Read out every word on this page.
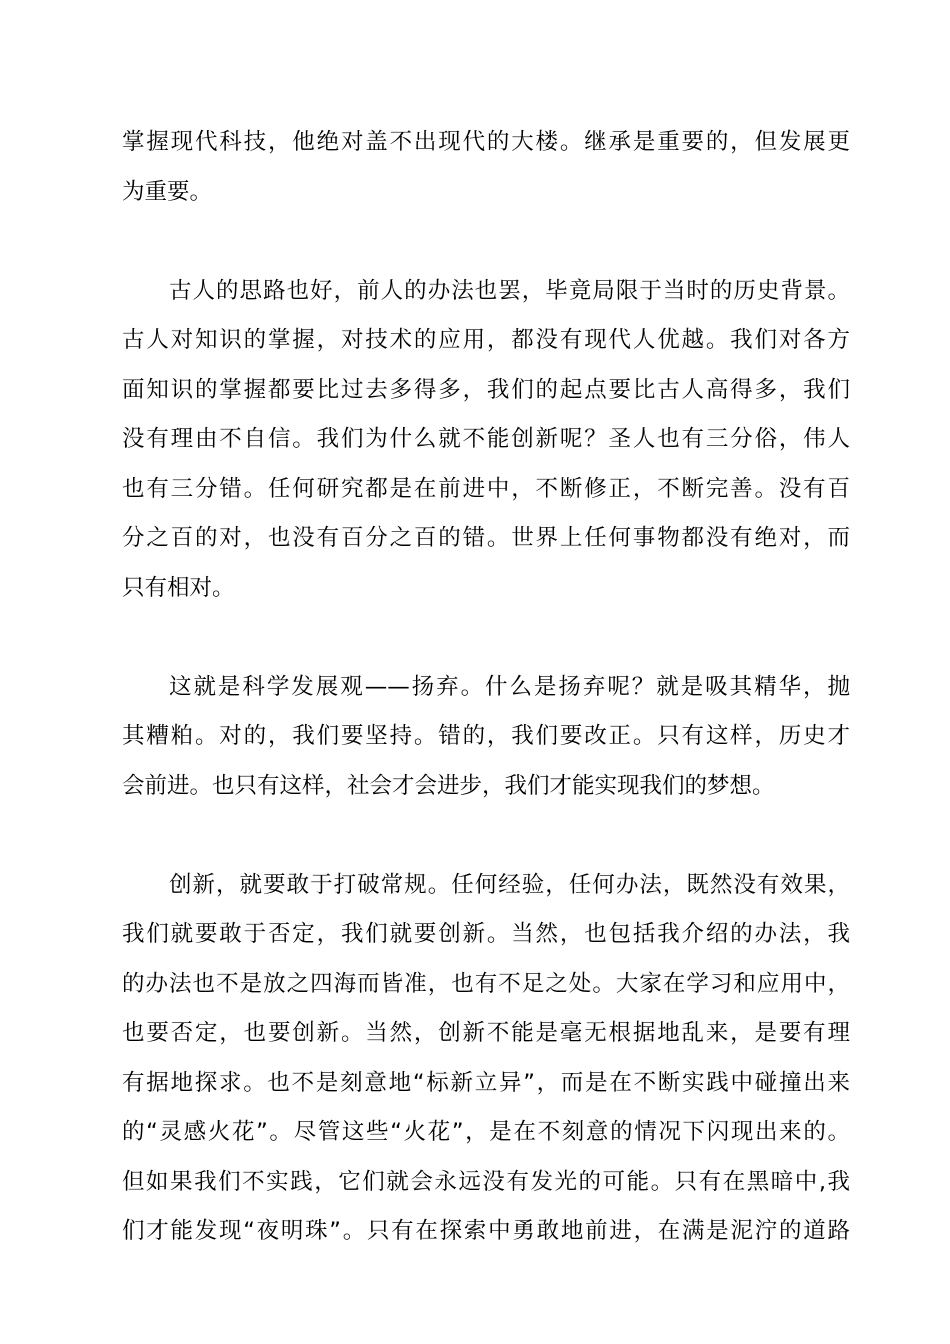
掌握现代科技，他绝对盖不出现代的大楼。继承是重要的，但发展更
为重要。
古人的思路也好，前人的办法也罢，毕竟局限于当时的历史背景。
古人对知识的掌握，对技术的应用，都没有现代人优越。我们对各方
面知识的掌握都要比过去多得多，我们的起点要比古人高得多，我们
没有理由不自信。我们为什么就不能创新呢？圣人也有三分俗，伟人
也有三分错。任何研究都是在前进中，不断修正，不断完善。没有百
分之百的对，也没有百分之百的错。世界上任何事物都没有绝对，而
只有相对。
这就是科学发展观——扬弃。什么是扬弃呢？就是吸其精华，抛
其糟粕。对的，我们要坚持。错的，我们要改正。只有这样，历史才
会前进。也只有这样，社会才会进步，我们才能实现我们的梦想。
创新，就要敢于打破常规。任何经验，任何办法，既然没有效果，
我们就要敢于否定，我们就要创新。当然，也包括我介绍的办法，我
的办法也不是放之四海而皆准，也有不足之处。大家在学习和应用中，
也要否定，也要创新。当然，创新不能是毫无根据地乱来，是要有理
有据地探求。也不是刻意地“标新立异”，而是在不断实践中碰撞出来
的“灵感火花”。尽管这些“火花”，是在不刻意的情况下闪现出来的。
但如果我们不实践，它们就会永远没有发光的可能。只有在黑暗中,我
们才能发现“夜明珠”。只有在探索中勇敢地前进，在满是泥泞的道路
